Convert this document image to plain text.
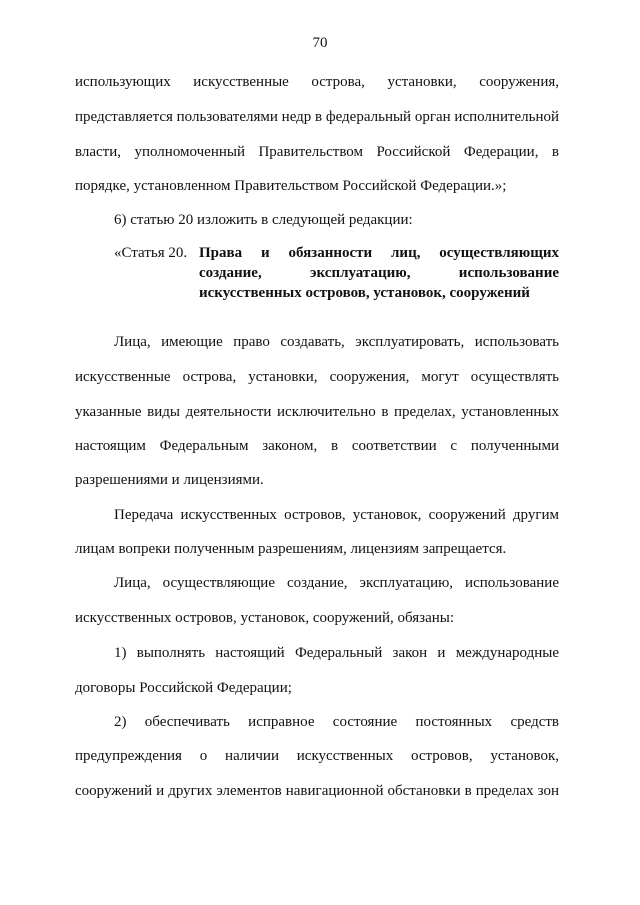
70
использующих искусственные острова, установки, сооружения,
представляется пользователями недр в федеральный орган исполнительной
власти, уполномоченный Правительством Российской Федерации, в
порядке, установленном Правительством Российской Федерации.»;
6) статью 20 изложить в следующей редакции:
«Статья 20. Права и обязанности лиц, осуществляющих
создание, эксплуатацию, использование
искусственных островов, установок, сооружений
Лица, имеющие право создавать, эксплуатировать, использовать
искусственные острова, установки, сооружения, могут осуществлять
указанные виды деятельности исключительно в пределах, установленных
настоящим Федеральным законом, в соответствии с полученными
разрешениями и лицензиями.
Передача искусственных островов, установок, сооружений другим
лицам вопреки полученным разрешениям, лицензиям запрещается.
Лица, осуществляющие создание, эксплуатацию, использование
искусственных островов, установок, сооружений, обязаны:
1) выполнять настоящий Федеральный закон и международные
договоры Российской Федерации;
2) обеспечивать исправное состояние постоянных средств
предупреждения о наличии искусственных островов, установок,
сооружений и других элементов навигационной обстановки в пределах зон
